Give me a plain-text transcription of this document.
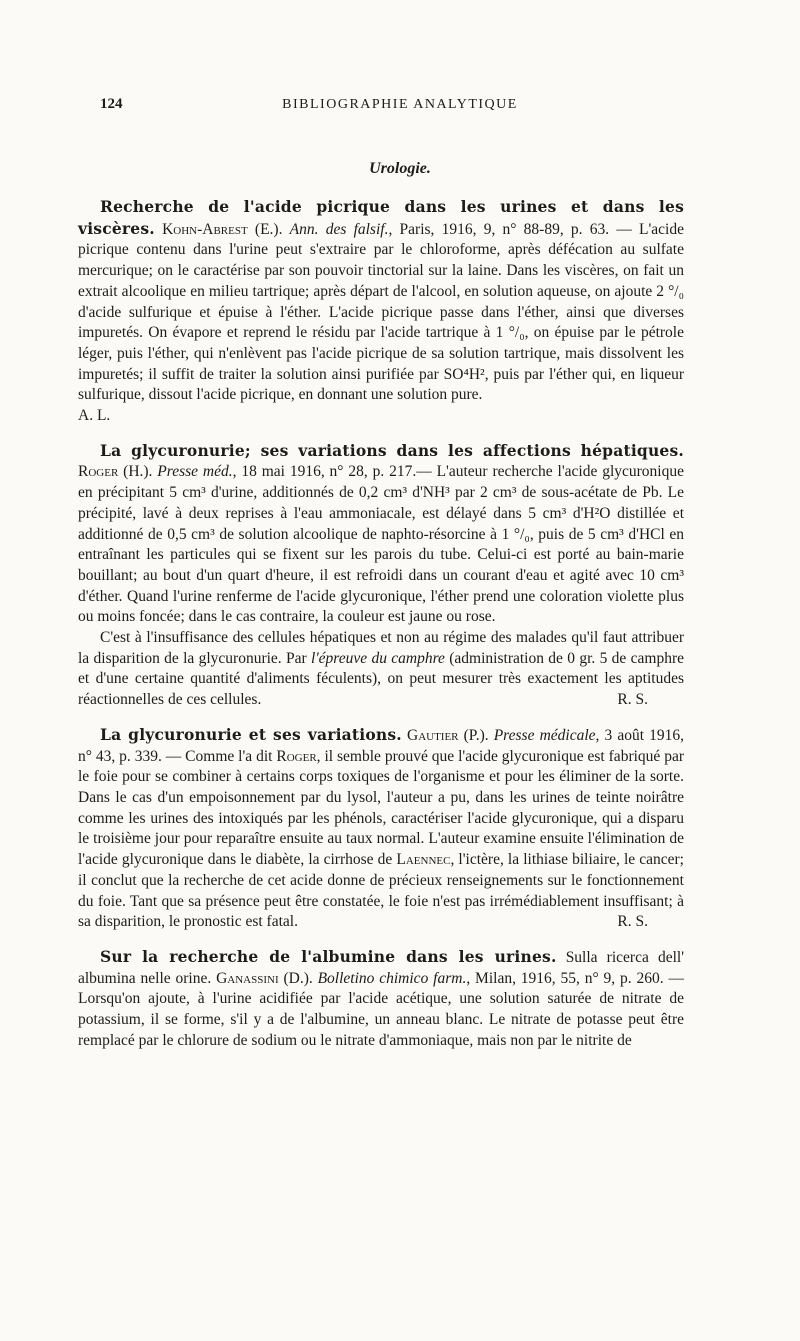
124	BIBLIOGRAPHIE ANALYTIQUE
Urologie.

Recherche de l'acide picrique dans les urines et dans les viscères. Kohn-Abrest (E.). Ann. des falsif., Paris, 1916, 9, n° 88-89, p. 63. — L'acide picrique contenu dans l'urine peut s'extraire par le chloroforme, après défécation au sulfate mercurique; on le caractérise par son pouvoir tinctorial sur la laine. Dans les viscères, on fait un extrait alcoolique en milieu tartrique; après départ de l'alcool, en solution aqueuse, on ajoute 2 °/₀ d'acide sulfurique et épuise à l'éther. L'acide picrique passe dans l'éther, ainsi que diverses impuretés. On évapore et reprend le résidu par l'acide tartrique à 1 °/₀, on épuise par le pétrole léger, puis l'éther, qui n'enlèvent pas l'acide picrique de sa solution tartrique, mais dissolvent les impuretés; il suffit de traiter la solution ainsi purifiée par SO⁴H², puis par l'éther qui, en liqueur sulfurique, dissout l'acide picrique, en donnant une solution pure.

A. L.

La glycuronurie; ses variations dans les affections hépatiques. Roger (H.). Presse méd., 18 mai 1916, n° 28, p. 217.— L'auteur recherche l'acide glycuronique en précipitant 5 cm³ d'urine, additionnés de 0,2 cm³ d'NH³ par 2 cm³ de sous-acétate de Pb. Le précipité, lavé à deux reprises à l'eau ammoniacale, est délayé dans 5 cm³ d'H²O distillée et additionné de 0,5 cm³ de solution alcoolique de naphto-résorcine à 1 °/₀, puis de 5 cm³ d'HCl en entraînant les particules qui se fixent sur les parois du tube. Celui-ci est porté au bain-marie bouillant; au bout d'un quart d'heure, il est refroidi dans un courant d'eau et agité avec 10 cm³ d'éther. Quand l'urine renferme de l'acide glycuronique, l'éther prend une coloration violette plus ou moins foncée; dans le cas contraire, la couleur est jaune ou rose.

C'est à l'insuffisance des cellules hépatiques et non au régime des malades qu'il faut attribuer la disparition de la glycuronurie. Par l'épreuve du camphre (administration de 0 gr. 5 de camphre et d'une certaine quantité d'aliments féculents), on peut mesurer très exactement les aptitudes réactionnelles de ces cellules.	R. S.

La glycuronurie et ses variations. Gautier (P.). Presse médicale, 3 août 1916, n° 43, p. 339. — Comme l'a dit Roger, il semble prouvé que l'acide glycuronique est fabriqué par le foie pour se combiner à certains corps toxiques de l'organisme et pour les éliminer de la sorte. Dans le cas d'un empoisonnement par du lysol, l'auteur a pu, dans les urines de teinte noirâtre comme les urines des intoxiqués par les phénols, caractériser l'acide glycuronique, qui a disparu le troisième jour pour reparaître ensuite au taux normal. L'auteur examine ensuite l'élimination de l'acide glycuronique dans le diabète, la cirrhose de Laennec, l'ictère, la lithiase biliaire, le cancer; il conclut que la recherche de cet acide donne de précieux renseignements sur le fonctionnement du foie. Tant que sa présence peut être constatée, le foie n'est pas irrémédiablement insuffisant; à sa disparition, le pronostic est fatal.	R. S.

Sur la recherche de l'albumine dans les urines. Sulla ricerca dell' albumina nelle orine. Ganassini (D.). Bolletino chimico farm., Milan, 1916, 55, n° 9, p. 260. — Lorsqu'on ajoute, à l'urine acidifiée par l'acide acétique, une solution saturée de nitrate de potassium, il se forme, s'il y a de l'albumine, un anneau blanc. Le nitrate de potasse peut être remplacé par le chlorure de sodium ou le nitrate d'ammoniaque, mais non par le nitrite de
